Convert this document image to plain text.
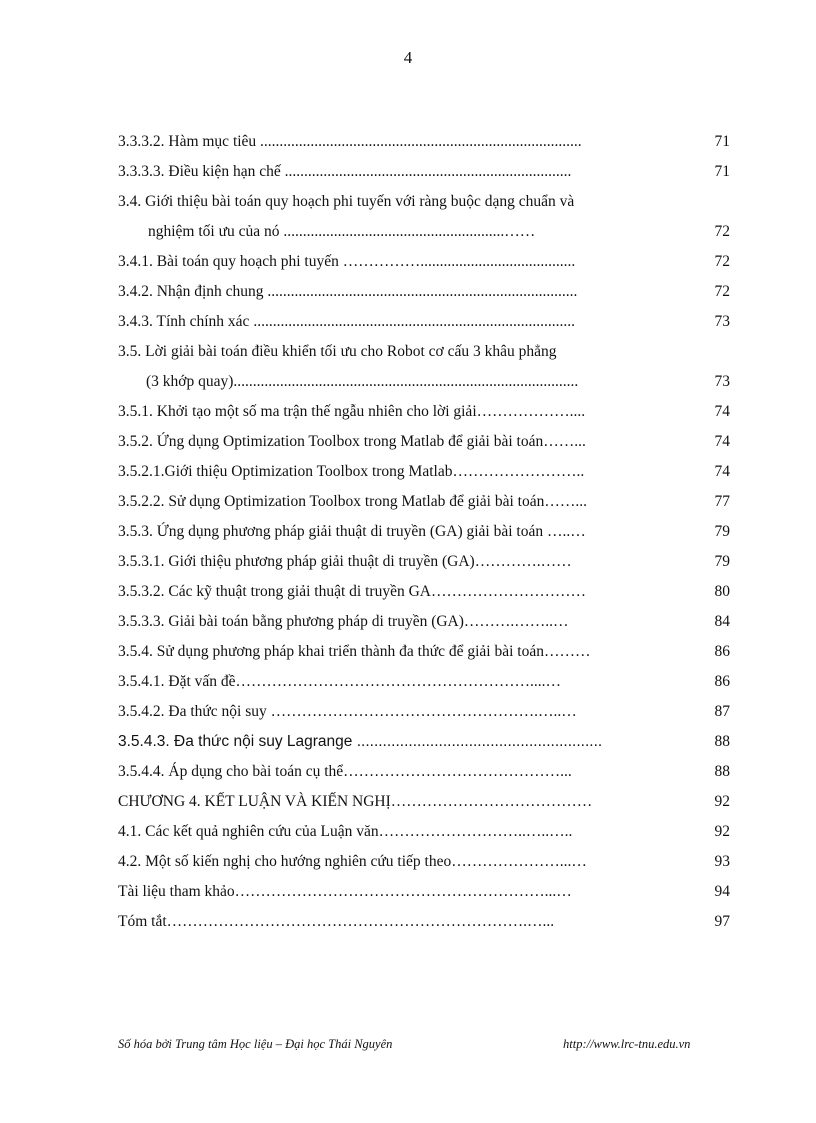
4
3.3.3.2. Hàm mục tiêu ...................................................................................	71
3.3.3.3. Điều kiện hạn chế ..........................................................................	71
3.4. Giới thiệu bài toán quy hoạch phi tuyến với ràng buộc dạng chuẩn và
nghiệm tối ưu của nó .........................................................……	72
3.4.1. Bài toán quy hoạch phi tuyến ……………........................................	72
3.4.2. Nhận định chung ................................................................................	72
3.4.3. Tính chính xác ...................................................................................	73
3.5. Lời giải bài toán điều khiển tối ưu cho Robot cơ cấu 3 khâu phẳng
(3 khớp quay).........................................................................................	73
3.5.1. Khởi tạo một số ma trận thế ngẫu nhiên cho lời giải………………....	74
3.5.2. Ứng dụng Optimization Toolbox trong Matlab để giải bài toán……...	74
3.5.2.1.Giới thiệu Optimization Toolbox trong Matlab……………………..	74
3.5.2.2. Sử dụng Optimization Toolbox trong Matlab để giải bài toán……...	77
3.5.3. Ứng dụng phương pháp giải thuật di truyền (GA) giải bài toán …..…	79
3.5.3.1. Giới thiệu phương pháp giải thuật di truyền (GA)………….……	79
3.5.3.2. Các kỹ thuật trong giải thuật di truyền GA…………………………	80
3.5.3.3. Giải bài toán bằng phương pháp di truyền (GA)……….……..…	84
3.5.4. Sử dụng phương pháp khai triển thành đa thức để giải bài toán………	86
3.5.4.1. Đặt vấn đề…………………………………………………....…	86
3.5.4.2. Đa thức nội suy …………………………………………….…..…	87
3.5.4.3. Đa thức nội suy Lagrange .........................................................	88
3.5.4.4. Áp dụng cho bài toán cụ thể……………………………………...	88
CHƯƠNG 4. KẾT LUẬN VÀ KIẾN NGHỊ…………………………………	92
4.1. Các kết quả nghiên cứu của Luận văn………………………..…..…..	92
4.2. Một số kiến nghị cho hướng nghiên cứu tiếp theo…………………...…	93
Tài liệu tham khảo……………………………………………………...…	94
Tóm tắt…………………………………………………………….…...	97
Số hóa bởi Trung tâm Học liệu – Đại học Thái Nguyên	http://www.lrc-tnu.edu.vn
